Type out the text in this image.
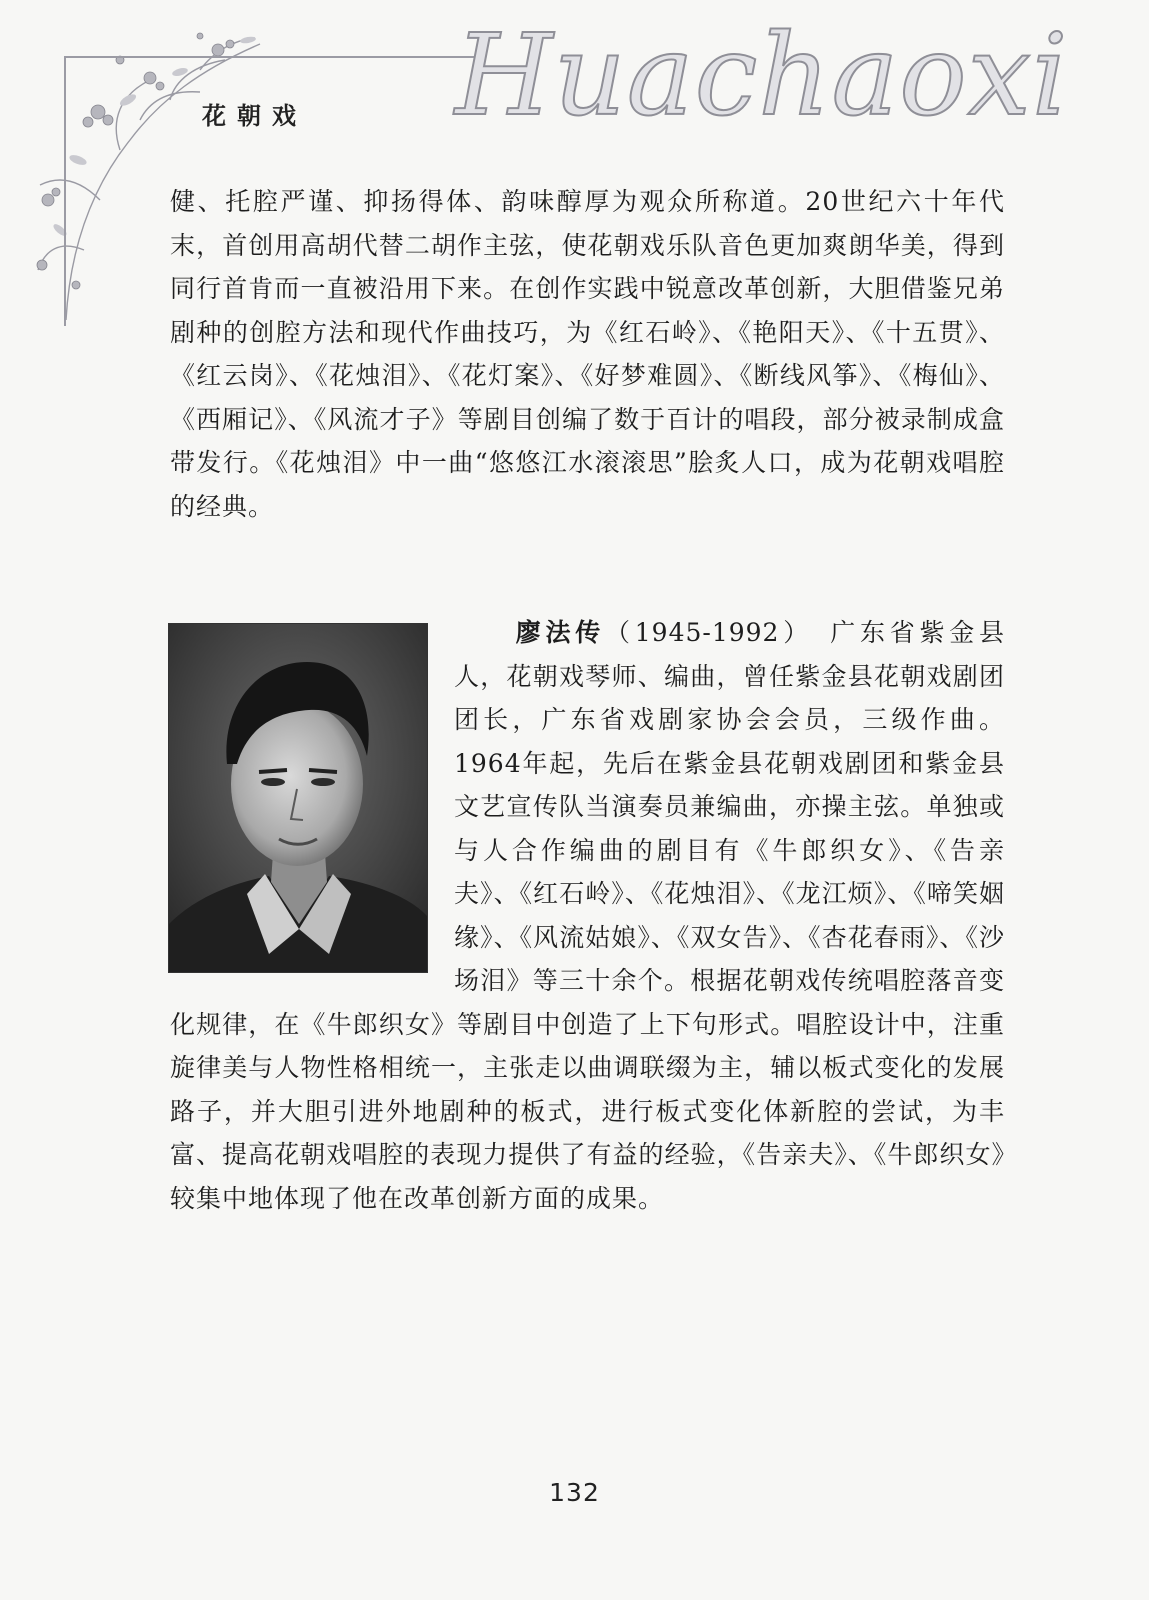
花朝戏 Huachaoxi

健、托腔严谨、抑扬得体、韵味醇厚为观众所称道。20世纪六十年代末，首创用高胡代替二胡作主弦，使花朝戏乐队音色更加爽朗华美，得到同行首肯而一直被沿用下来。在创作实践中锐意改革创新，大胆借鉴兄弟剧种的创腔方法和现代作曲技巧，为《红石岭》、《艳阳天》、《十五贯》、《红云岗》、《花烛泪》、《花灯案》、《好梦难圆》、《断线风筝》、《梅仙》、《西厢记》、《风流才子》等剧目创编了数于百计的唱段，部分被录制成盒带发行。《花烛泪》中一曲“悠悠江水滚滚思”脍炙人口，成为花朝戏唱腔的经典。

廖法传（1945-1992）　广东省紫金县人，花朝戏琴师、编曲，曾任紫金县花朝戏剧团团长，广东省戏剧家协会会员，三级作曲。1964年起，先后在紫金县花朝戏剧团和紫金县文艺宣传队当演奏员兼编曲，亦操主弦。单独或与人合作编曲的剧目有《牛郎织女》、《告亲夫》、《红石岭》、《花烛泪》、《龙江烦》、《啼笑姻缘》、《风流姑娘》、《双女告》、《杏花春雨》、《沙场泪》等三十余个。根据花朝戏传统唱腔落音变化规律，在《牛郎织女》等剧目中创造了上下句形式。唱腔设计中，注重旋律美与人物性格相统一，主张走以曲调联缀为主，辅以板式变化的发展路子，并大胆引进外地剧种的板式，进行板式变化体新腔的尝试，为丰富、提高花朝戏唱腔的表现力提供了有益的经验，《告亲夫》、《牛郎织女》较集中地体现了他在改革创新方面的成果。

132
